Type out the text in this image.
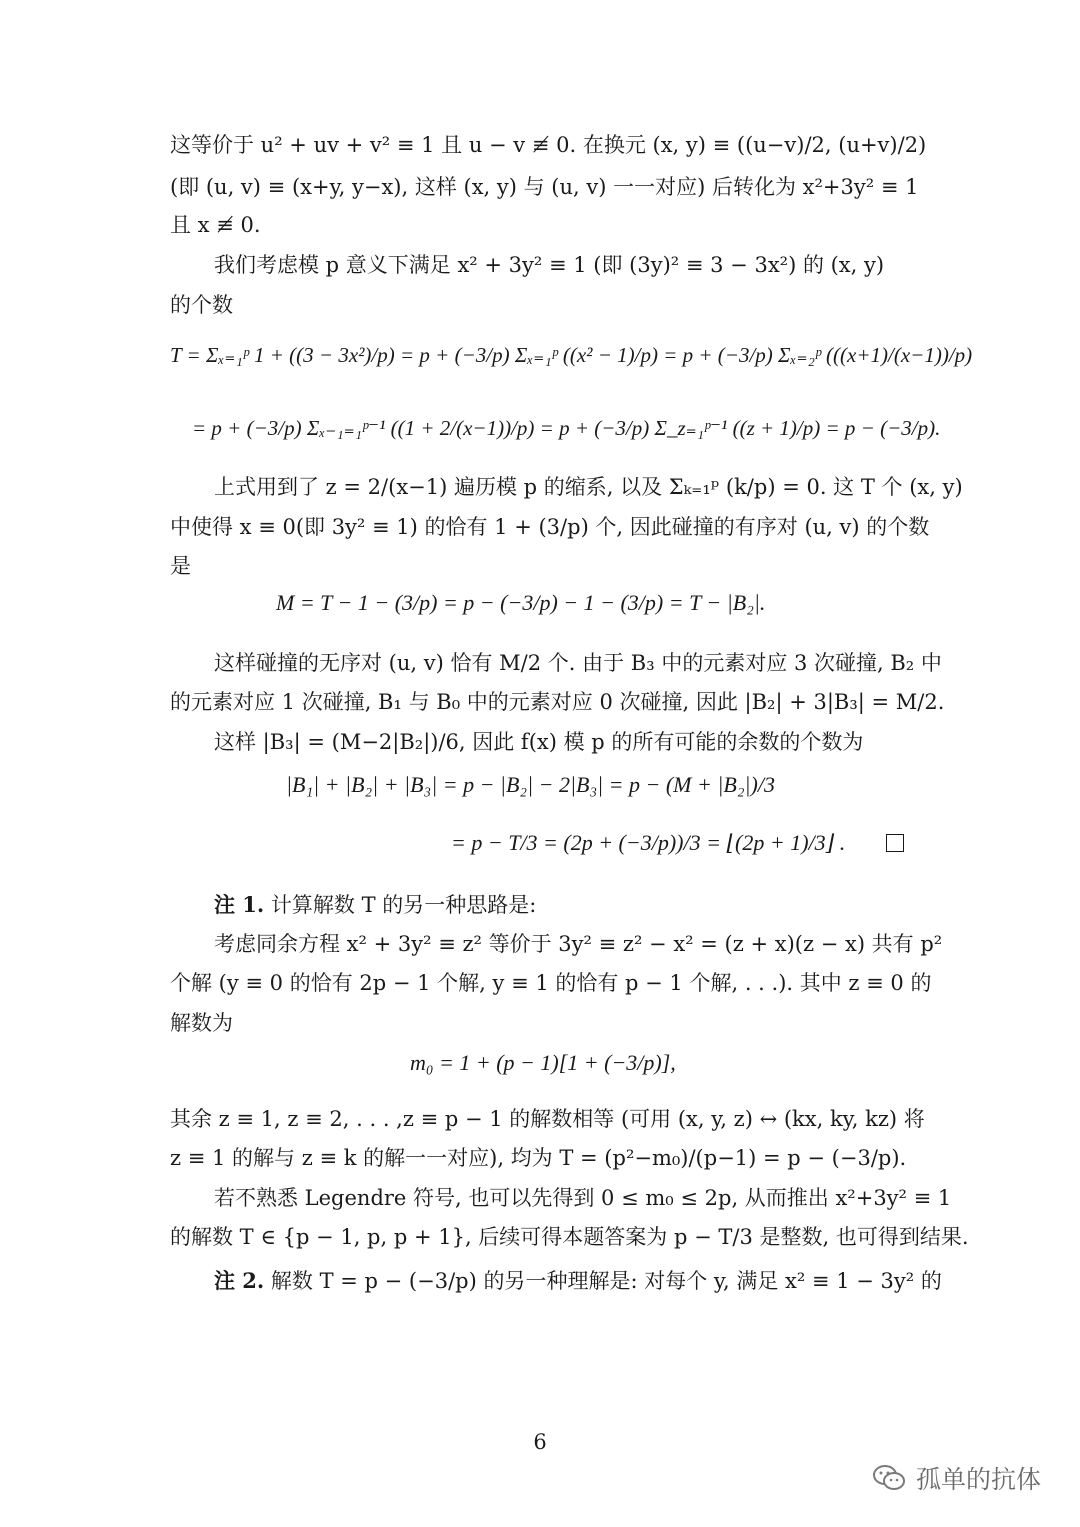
这等价于 u² + uv + v² ≡ 1 且 u − v ≢ 0. 在换元 (x, y) ≡ ((u−v)/2, (u+v)/2)
(即 (u, v) ≡ (x+y, y−x), 这样 (x, y) 与 (u, v) 一一对应) 后转化为 x²+3y² ≡ 1
且 x ≢ 0.
我们考虑模 p 意义下满足 x² + 3y² ≡ 1 (即 (3y)² ≡ 3 − 3x²) 的 (x, y)
的个数
T = Σₓ₌₁ᵖ 1 + ((3 − 3x²)/p) = p + (−3/p) Σₓ₌₁ᵖ ((x² − 1)/p) = p + (−3/p) Σₓ₌₂ᵖ (((x+1)/(x−1))/p)
= p + (−3/p) Σₓ₋₁₌₁ᵖ⁻¹ ((1 + 2/(x−1))/p) = p + (−3/p) Σ_z₌₁ᵖ⁻¹ ((z + 1)/p) = p − (−3/p).
上式用到了 z = 2/(x−1) 遍历模 p 的缩系, 以及 Σₖ₌₁ᵖ (k/p) = 0. 这 T 个 (x, y)
中使得 x ≡ 0(即 3y² ≡ 1) 的恰有 1 + (3/p) 个, 因此碰撞的有序对 (u, v) 的个数
是
M = T − 1 − (3/p) = p − (−3/p) − 1 − (3/p) = T − |B₂|.
这样碰撞的无序对 (u, v) 恰有 M/2 个. 由于 B₃ 中的元素对应 3 次碰撞, B₂ 中
的元素对应 1 次碰撞, B₁ 与 B₀ 中的元素对应 0 次碰撞, 因此 |B₂| + 3|B₃| = M/2.
这样 |B₃| = (M−2|B₂|)/6, 因此 f(x) 模 p 的所有可能的余数的个数为
|B₁| + |B₂| + |B₃| = p − |B₂| − 2|B₃| = p − (M + |B₂|)/3
= p − T/3 = (2p + (−3/p))/3 = ⌊(2p + 1)/3⌋ .
注 1. 计算解数 T 的另一种思路是:
考虑同余方程 x² + 3y² ≡ z² 等价于 3y² ≡ z² − x² = (z + x)(z − x) 共有 p²
个解 (y ≡ 0 的恰有 2p − 1 个解, y ≡ 1 的恰有 p − 1 个解, . . .). 其中 z ≡ 0 的
解数为
m₀ = 1 + (p − 1)[1 + (−3/p)],
其余 z ≡ 1, z ≡ 2, . . . ,z ≡ p − 1 的解数相等 (可用 (x, y, z) ↔ (kx, ky, kz) 将
z ≡ 1 的解与 z ≡ k 的解一一对应), 均为 T = (p²−m₀)/(p−1) = p − (−3/p).
若不熟悉 Legendre 符号, 也可以先得到 0 ≤ m₀ ≤ 2p, 从而推出 x²+3y² ≡ 1
的解数 T ∈ {p − 1, p, p + 1}, 后续可得本题答案为 p − T/3 是整数, 也可得到结果.
注 2. 解数 T = p − (−3/p) 的另一种理解是: 对每个 y, 满足 x² ≡ 1 − 3y² 的
6
孤单的抗体
